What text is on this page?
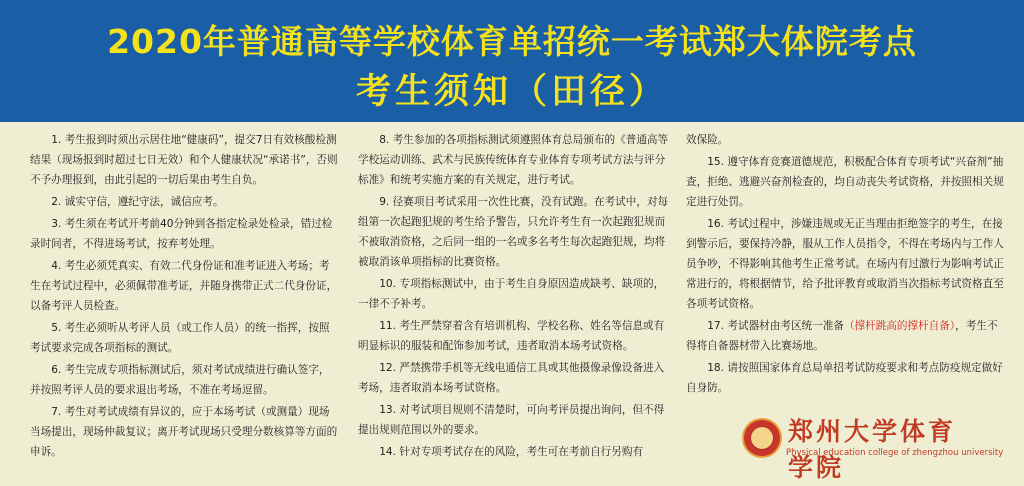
2020年普通高等学校体育单招统一考试郑大体院考点
考生须知（田径）

1. 考生报到时须出示居住地“健康码”，提交7日有效核酸检测结果（现场报到时超过七日无效）和个人健康状况“承诺书”，否则不予办理报到，由此引起的一切后果由考生自负。

2. 诚实守信，遵纪守法，诚信应考。

3. 考生须在考试开考前40分钟到各指定检录处检录，错过检录时间者，不得进场考试，按弃考处理。

4. 考生必须凭真实、有效二代身份证和准考证进入考场；考生在考试过程中，必须佩带准考证，并随身携带正式二代身份证，以备考评人员检查。

5. 考生必须听从考评人员（或工作人员）的统一指挥，按照考试要求完成各项指标的测试。

6. 考生完成专项指标测试后，须对考试成绩进行确认签字，并按照考评人员的要求退出考场，不准在考场逗留。

7. 考生对考试成绩有异议的，应于本场考试（或测量）现场当场提出，现场仲裁复议；离开考试现场只受理分数核算等方面的申诉。

8. 考生参加的各项指标测试须遵照体育总局颁布的《普通高等学校运动训练、武术与民族传统体育专业体育专项考试方法与评分标准》和统考实施方案的有关规定，进行考试。

9. 径赛项目考试采用一次性比赛，没有试跑。在考试中，对每组第一次起跑犯规的考生给予警告，只允许考生有一次起跑犯规而不被取消资格，之后同一组的一名或多名考生每次起跑犯规，均将被取消该单项指标的比赛资格。

10. 专项指标测试中，由于考生自身原因造成缺考、缺项的，一律不予补考。

11. 考生严禁穿着含有培训机构、学校名称、姓名等信息或有明显标识的服装和配饰参加考试，违者取消本场考试资格。

12. 严禁携带手机等无线电通信工具或其他摄像录像设备进入考场，违者取消本场考试资格。

13. 对考试项目规则不清楚时，可向考评员提出询问，但不得提出规则范围以外的要求。

14. 针对专项考试存在的风险，考生可在考前自行另购有

效保险。

15. 遵守体育竞赛道德规范，积极配合体育专项考试“兴奋剂”抽查，拒绝、逃避兴奋剂检查的，均自动丧失考试资格，并按照相关规定进行处罚。

16. 考试过程中，涉嫌违规或无正当理由拒绝签字的考生，在接到警示后，要保持冷静，服从工作人员指令，不得在考场内与工作人员争吵，不得影响其他考生正常考试。在场内有过激行为影响考试正常进行的，将根据情节，给予批评教育或取消当次指标考试资格直至各项考试资格。

17. 考试器材由考区统一准备（撑杆跳高的撑杆自备），考生不得将自备器材带入比赛场地。

18. 请按照国家体育总局单招考试防疫要求和考点防疫规定做好自身防。

郑州大学体育学院
Physical education college of zhengzhou university
